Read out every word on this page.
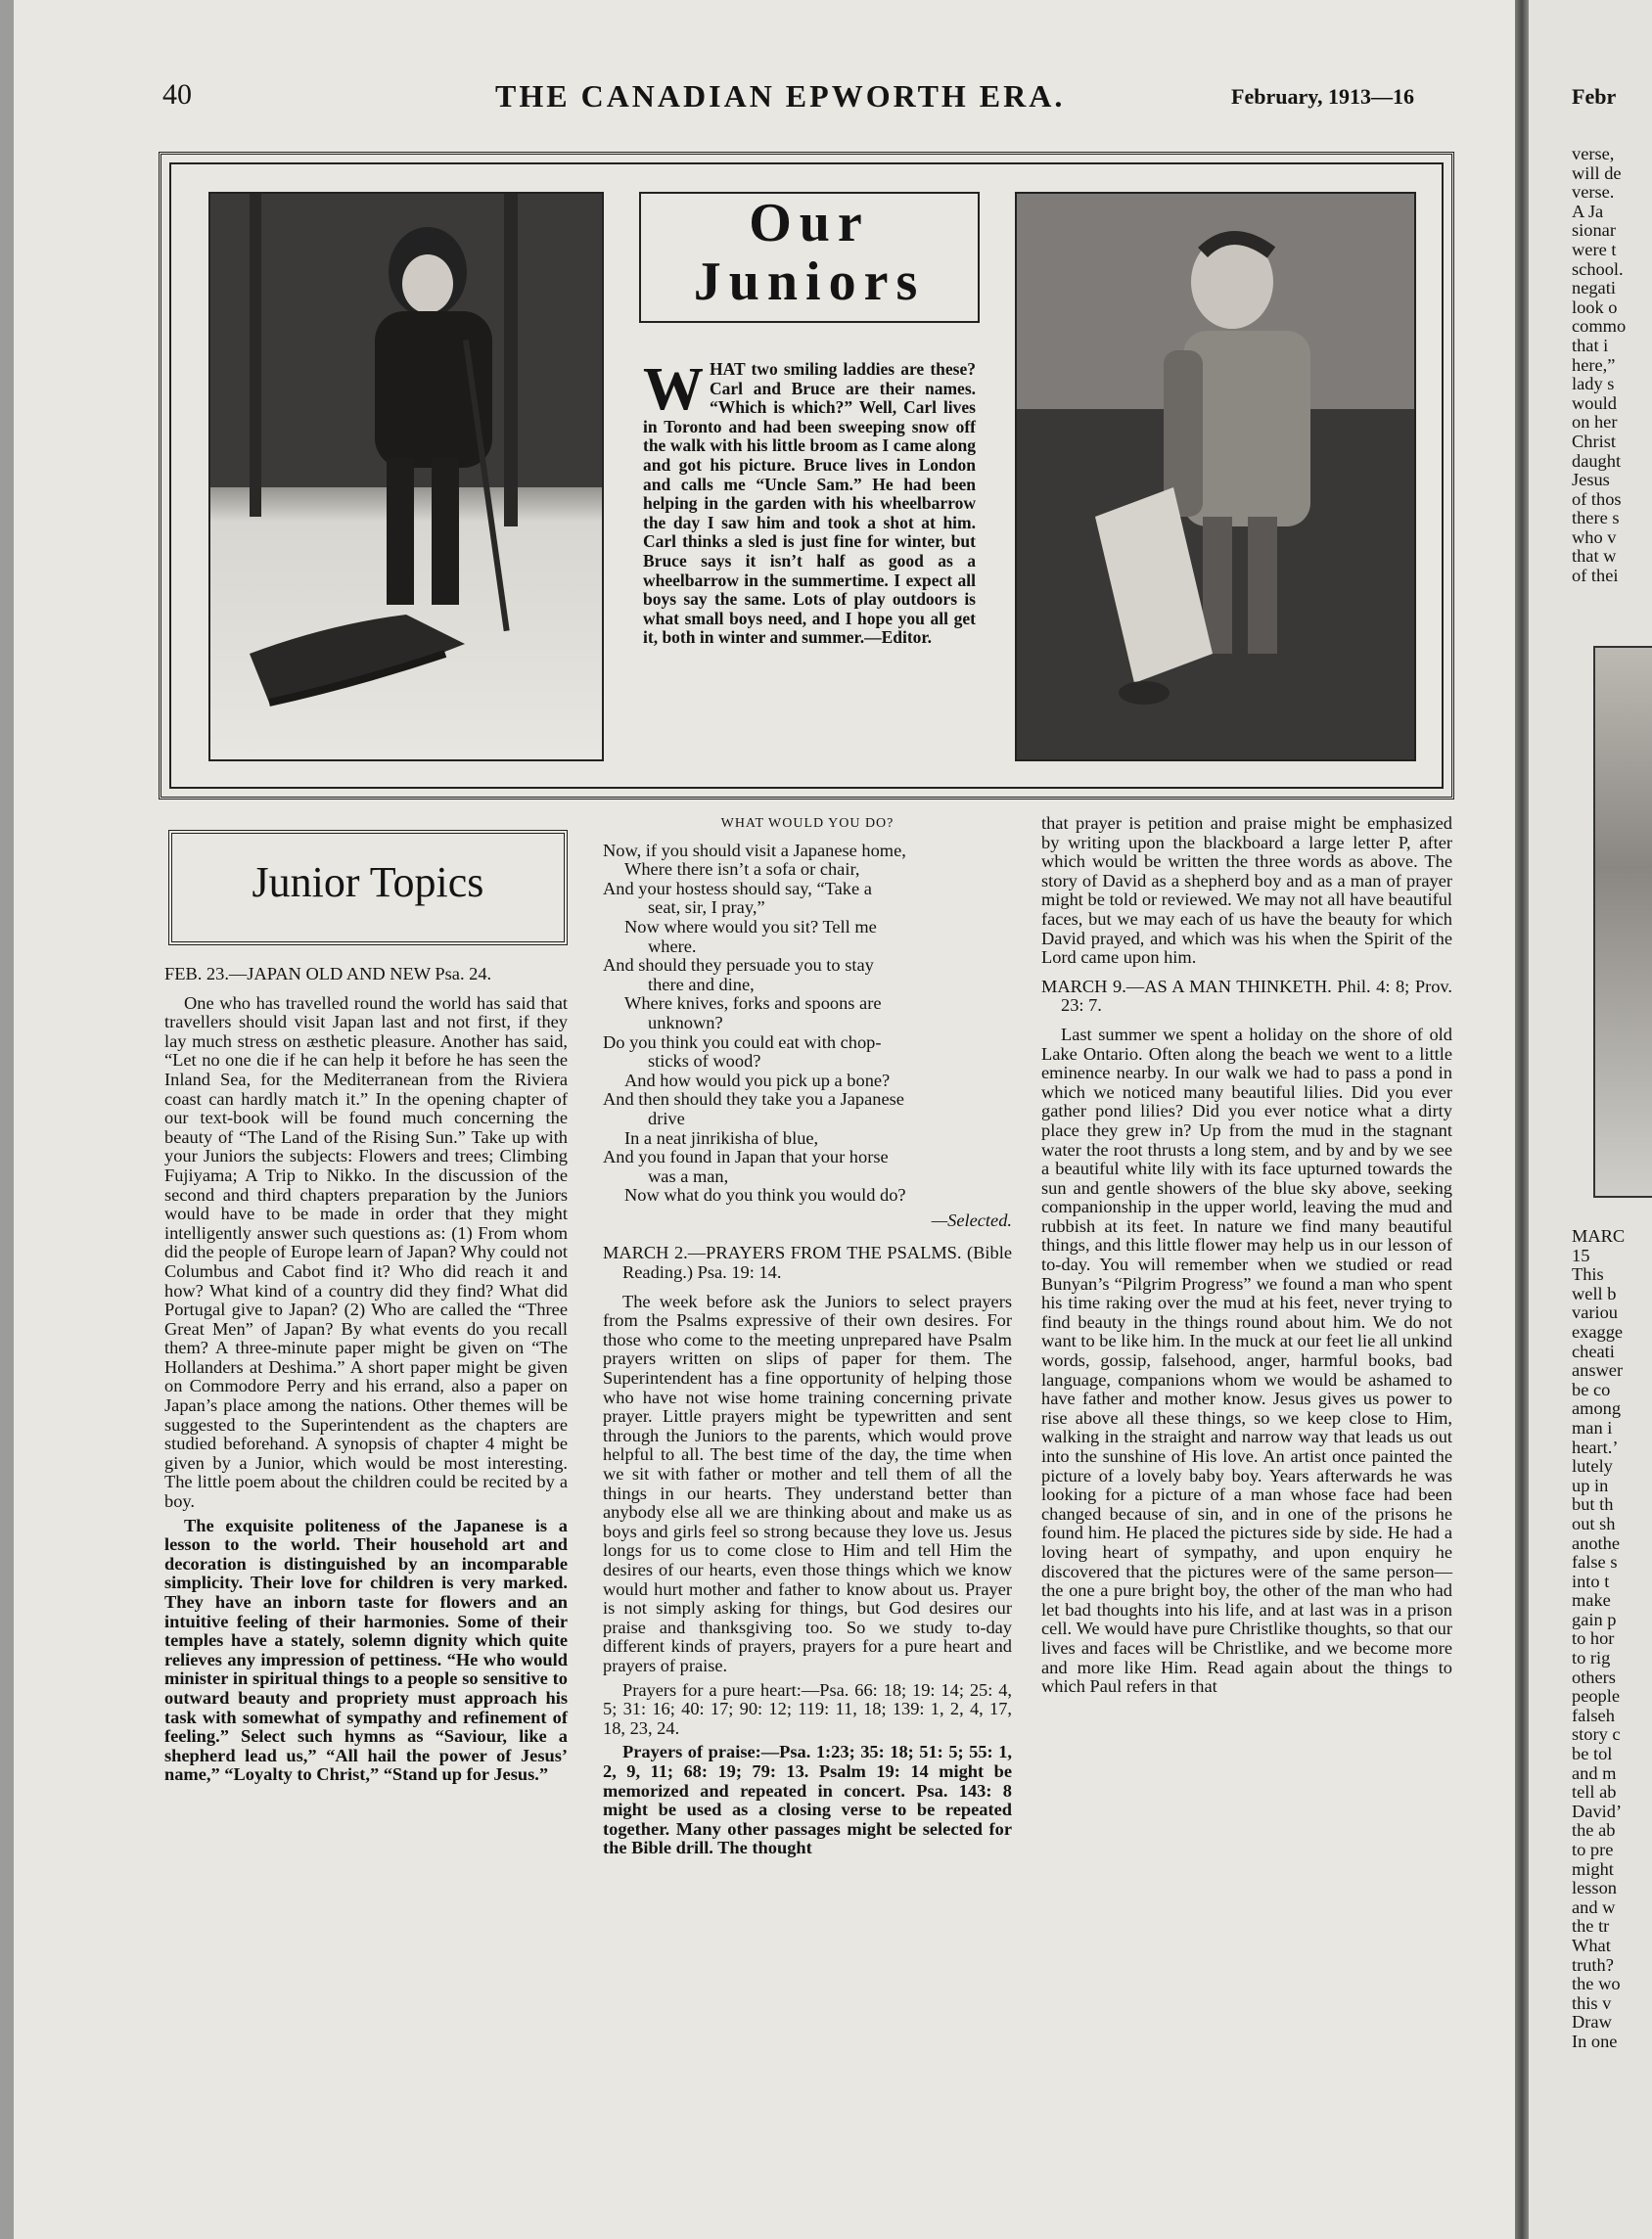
40	THE CANADIAN EPWORTH ERA.	February, 1913—16
Our
Juniors
WHAT two smiling laddies are these? Carl and Bruce are their names. “Which is which?” Well, Carl lives in Toronto and had been sweeping snow off the walk with his little broom as I came along and got his picture. Bruce lives in London and calls me “Uncle Sam.” He had been helping in the garden with his wheelbarrow the day I saw him and took a shot at him. Carl thinks a sled is just fine for winter, but Bruce says it isn’t half as good as a wheelbarrow in the summertime. I expect all boys say the same. Lots of play outdoors is what small boys need, and I hope you all get it, both in winter and summer.—Editor.
Junior Topics

FEB. 23.—JAPAN OLD AND NEW Psa. 24.

One who has travelled round the world has said that travellers should visit Japan last and not first, if they lay much stress on æsthetic pleasure. Another has said, “Let no one die if he can help it before he has seen the Inland Sea, for the Mediterranean from the Riviera coast can hardly match it.” In the opening chapter of our text-book will be found much concerning the beauty of “The Land of the Rising Sun.” Take up with your Juniors the subjects: Flowers and trees; Climbing Fujiyama; A Trip to Nikko. In the discussion of the second and third chapters preparation by the Juniors would have to be made in order that they might intelligently answer such questions as: (1) From whom did the people of Europe learn of Japan? Why could not Columbus and Cabot find it? Who did reach it and how? What kind of a country did they find? What did Portugal give to Japan? (2) Who are called the “Three Great Men” of Japan? By what events do you recall them? A three-minute paper might be given on “The Hollanders at Deshima.” A short paper might be given on Commodore Perry and his errand, also a paper on Japan’s place among the nations. Other themes will be suggested to the Superintendent as the chapters are studied beforehand. A synopsis of chapter 4 might be given by a Junior, which would be most interesting. The little poem about the children could be recited by a boy.

The exquisite politeness of the Japanese is a lesson to the world. Their household art and decoration is distinguished by an incomparable simplicity. Their love for children is very marked. They have an inborn taste for flowers and an intuitive feeling of their harmonies. Some of their temples have a stately, solemn dignity which quite relieves any impression of pettiness. “He who would minister in spiritual things to a people so sensitive to outward beauty and propriety must approach his task with somewhat of sympathy and refinement of feeling.” Select such hymns as “Saviour, like a shepherd lead us,” “All hail the power of Jesus’ name,” “Loyalty to Christ,” “Stand up for Jesus.”

WHAT WOULD YOU DO?
Now, if you should visit a Japanese home,
Where there isn’t a sofa or chair,
And your hostess should say, “Take a
seat, sir, I pray,”
Now where would you sit? Tell me
where.
And should they persuade you to stay
there and dine,
Where knives, forks and spoons are
unknown?
Do you think you could eat with chop-
sticks of wood?
And how would you pick up a bone?
And then should they take you a Japanese
drive
In a neat jinrikisha of blue,
And you found in Japan that your horse
was a man,
Now what do you think you would do?
—Selected.

MARCH 2.—PRAYERS FROM THE PSALMS. (Bible Reading.) Psa. 19: 14.

The week before ask the Juniors to select prayers from the Psalms expressive of their own desires. For those who come to the meeting unprepared have Psalm prayers written on slips of paper for them. The Superintendent has a fine opportunity of helping those who have not wise home training concerning private prayer. Little prayers might be typewritten and sent through the Juniors to the parents, which would prove helpful to all. The best time of the day, the time when we sit with father or mother and tell them of all the things in our hearts. They understand better than anybody else all we are thinking about and make us as boys and girls feel so strong because they love us. Jesus longs for us to come close to Him and tell Him the desires of our hearts, even those things which we know would hurt mother and father to know about us. Prayer is not simply asking for things, but God desires our praise and thanksgiving too. So we study to-day different kinds of prayers, prayers for a pure heart and prayers of praise.

Prayers for a pure heart:—Psa. 66: 18; 19: 14; 25: 4, 5; 31: 16; 40: 17; 90: 12; 119: 11, 18; 139: 1, 2, 4, 17, 18, 23, 24.

Prayers of praise:—Psa. 1:23; 35: 18; 51: 5; 55: 1, 2, 9, 11; 68: 19; 79: 13. Psalm 19: 14 might be memorized and repeated in concert. Psa. 143: 8 might be used as a closing verse to be repeated together. Many other passages might be selected for the Bible drill. The thought

that prayer is petition and praise might be emphasized by writing upon the blackboard a large letter P, after which would be written the three words as above. The story of David as a shepherd boy and as a man of prayer might be told or reviewed. We may not all have beautiful faces, but we may each of us have the beauty for which David prayed, and which was his when the Spirit of the Lord came upon him.

MARCH 9.—AS A MAN THINKETH. Phil. 4: 8; Prov. 23: 7.

Last summer we spent a holiday on the shore of old Lake Ontario. Often along the beach we went to a little eminence nearby. In our walk we had to pass a pond in which we noticed many beautiful lilies. Did you ever gather pond lilies? Did you ever notice what a dirty place they grew in? Up from the mud in the stagnant water the root thrusts a long stem, and by and by we see a beautiful white lily with its face upturned towards the sun and gentle showers of the blue sky above, seeking companionship in the upper world, leaving the mud and rubbish at its feet. In nature we find many beautiful things, and this little flower may help us in our lesson of to-day. You will remember when we studied or read Bunyan’s “Pilgrim Progress” we found a man who spent his time raking over the mud at his feet, never trying to find beauty in the things round about him. We do not want to be like him. In the muck at our feet lie all unkind words, gossip, falsehood, anger, harmful books, bad language, companions whom we would be ashamed to have father and mother know. Jesus gives us power to rise above all these things, so we keep close to Him, walking in the straight and narrow way that leads us out into the sunshine of His love. An artist once painted the picture of a lovely baby boy. Years afterwards he was looking for a picture of a man whose face had been changed because of sin, and in one of the prisons he found him. He placed the pictures side by side. He had a loving heart of sympathy, and upon enquiry he discovered that the pictures were of the same person—the one a pure bright boy, the other of the man who had let bad thoughts into his life, and at last was in a prison cell. We would have pure Christlike thoughts, so that our lives and faces will be Christlike, and we become more and more like Him. Read again about the things to which Paul refers in that

Febr
verse,
will de
verse.
A Ja
sionar
were t
school.
negati
look o
commo
that i
here,”
lady s
would
on her
Christ
daught
Jesus
of thos
there s
who v
that w
of thei
MARC
15
This
well b
variou
exagge
cheati
answer
be co
among
man i
heart.’
lutely
up in
but th
out sh
anothe
false s
into t
make
gain p
to hor
to rig
others
people
falseh
story c
be tol
and m
tell ab
David’
the ab
to pre
might
lesson
and w
the tr
What
truth?
the wo
this v
Draw
In one
